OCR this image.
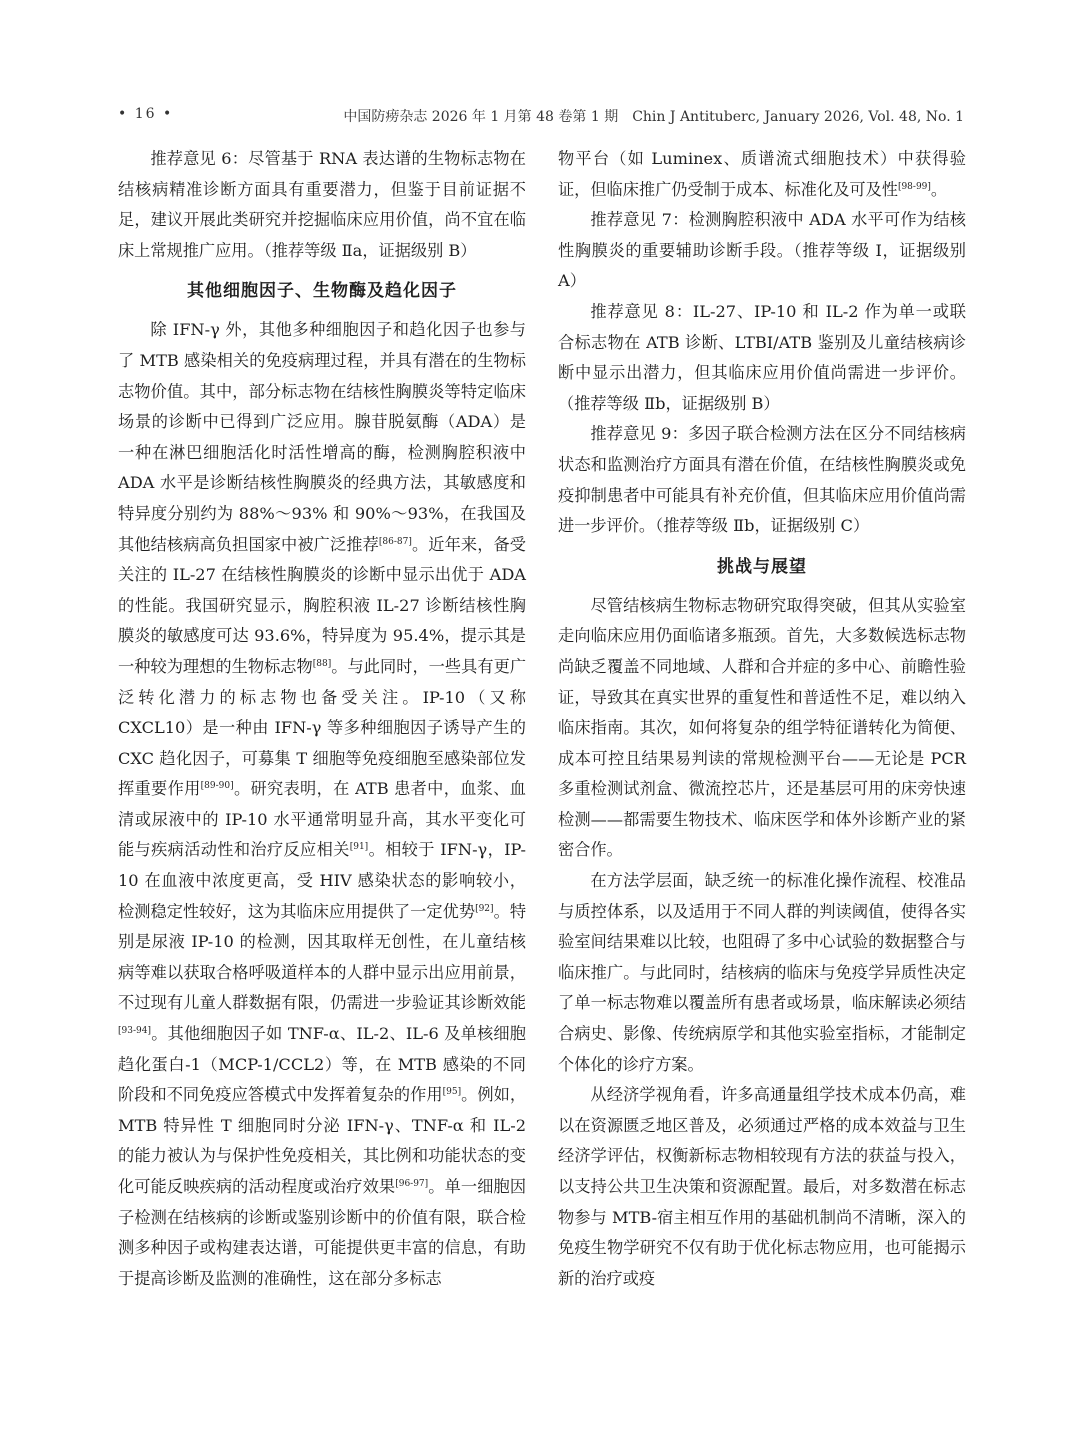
• 16 •	中国防痨杂志 2026 年 1 月第 48 卷第 1 期　Chin J Antituberc, January 2026, Vol. 48, No. 1

推荐意见 6：尽管基于 RNA 表达谱的生物标志物在结核病精准诊断方面具有重要潜力，但鉴于目前证据不足，建议开展此类研究并挖掘临床应用价值，尚不宜在临床上常规推广应用。（推荐等级 Ⅱa，证据级别 B）

其他细胞因子、生物酶及趋化因子

除 IFN-γ 外，其他多种细胞因子和趋化因子也参与了 MTB 感染相关的免疫病理过程，并具有潜在的生物标志物价值。其中，部分标志物在结核性胸膜炎等特定临床场景的诊断中已得到广泛应用。腺苷脱氨酶（ADA）是一种在淋巴细胞活化时活性增高的酶，检测胸腔积液中 ADA 水平是诊断结核性胸膜炎的经典方法，其敏感度和特异度分别约为 88%～93% 和 90%～93%，在我国及其他结核病高负担国家中被广泛推荐[86-87]。近年来，备受关注的 IL-27 在结核性胸膜炎的诊断中显示出优于 ADA 的性能。我国研究显示，胸腔积液 IL-27 诊断结核性胸膜炎的敏感度可达 93.6%，特异度为 95.4%，提示其是一种较为理想的生物标志物[88]。与此同时，一些具有更广泛转化潜力的标志物也备受关注。IP-10（又称 CXCL10）是一种由 IFN-γ 等多种细胞因子诱导产生的 CXC 趋化因子，可募集 T 细胞等免疫细胞至感染部位发挥重要作用[89-90]。研究表明，在 ATB 患者中，血浆、血清或尿液中的 IP-10 水平通常明显升高，其水平变化可能与疾病活动性和治疗反应相关[91]。相较于 IFN-γ，IP-10 在血液中浓度更高，受 HIV 感染状态的影响较小，检测稳定性较好，这为其临床应用提供了一定优势[92]。特别是尿液 IP-10 的检测，因其取样无创性，在儿童结核病等难以获取合格呼吸道样本的人群中显示出应用前景，不过现有儿童人群数据有限，仍需进一步验证其诊断效能[93-94]。其他细胞因子如 TNF-α、IL-2、IL-6 及单核细胞趋化蛋白-1（MCP-1/CCL2）等，在 MTB 感染的不同阶段和不同免疫应答模式中发挥着复杂的作用[95]。例如，MTB 特异性 T 细胞同时分泌 IFN-γ、TNF-α 和 IL-2 的能力被认为与保护性免疫相关，其比例和功能状态的变化可能反映疾病的活动程度或治疗效果[96-97]。单一细胞因子检测在结核病的诊断或鉴别诊断中的价值有限，联合检测多种因子或构建表达谱，可能提供更丰富的信息，有助于提高诊断及监测的准确性，这在部分多标志

物平台（如 Luminex、质谱流式细胞技术）中获得验证，但临床推广仍受制于成本、标准化及可及性[98-99]。

推荐意见 7：检测胸腔积液中 ADA 水平可作为结核性胸膜炎的重要辅助诊断手段。（推荐等级 Ⅰ，证据级别 A）

推荐意见 8：IL-27、IP-10 和 IL-2 作为单一或联合标志物在 ATB 诊断、LTBI/ATB 鉴别及儿童结核病诊断中显示出潜力，但其临床应用价值尚需进一步评价。（推荐等级 Ⅱb，证据级别 B）

推荐意见 9：多因子联合检测方法在区分不同结核病状态和监测治疗方面具有潜在价值，在结核性胸膜炎或免疫抑制患者中可能具有补充价值，但其临床应用价值尚需进一步评价。（推荐等级 Ⅱb，证据级别 C）

挑战与展望

尽管结核病生物标志物研究取得突破，但其从实验室走向临床应用仍面临诸多瓶颈。首先，大多数候选标志物尚缺乏覆盖不同地域、人群和合并症的多中心、前瞻性验证，导致其在真实世界的重复性和普适性不足，难以纳入临床指南。其次，如何将复杂的组学特征谱转化为简便、成本可控且结果易判读的常规检测平台——无论是 PCR 多重检测试剂盒、微流控芯片，还是基层可用的床旁快速检测——都需要生物技术、临床医学和体外诊断产业的紧密合作。

在方法学层面，缺乏统一的标准化操作流程、校准品与质控体系，以及适用于不同人群的判读阈值，使得各实验室间结果难以比较，也阻碍了多中心试验的数据整合与临床推广。与此同时，结核病的临床与免疫学异质性决定了单一标志物难以覆盖所有患者或场景，临床解读必须结合病史、影像、传统病原学和其他实验室指标，才能制定个体化的诊疗方案。

从经济学视角看，许多高通量组学技术成本仍高，难以在资源匮乏地区普及，必须通过严格的成本效益与卫生经济学评估，权衡新标志物相较现有方法的获益与投入，以支持公共卫生决策和资源配置。最后，对多数潜在标志物参与 MTB-宿主相互作用的基础机制尚不清晰，深入的免疫生物学研究不仅有助于优化标志物应用，也可能揭示新的治疗或疫
